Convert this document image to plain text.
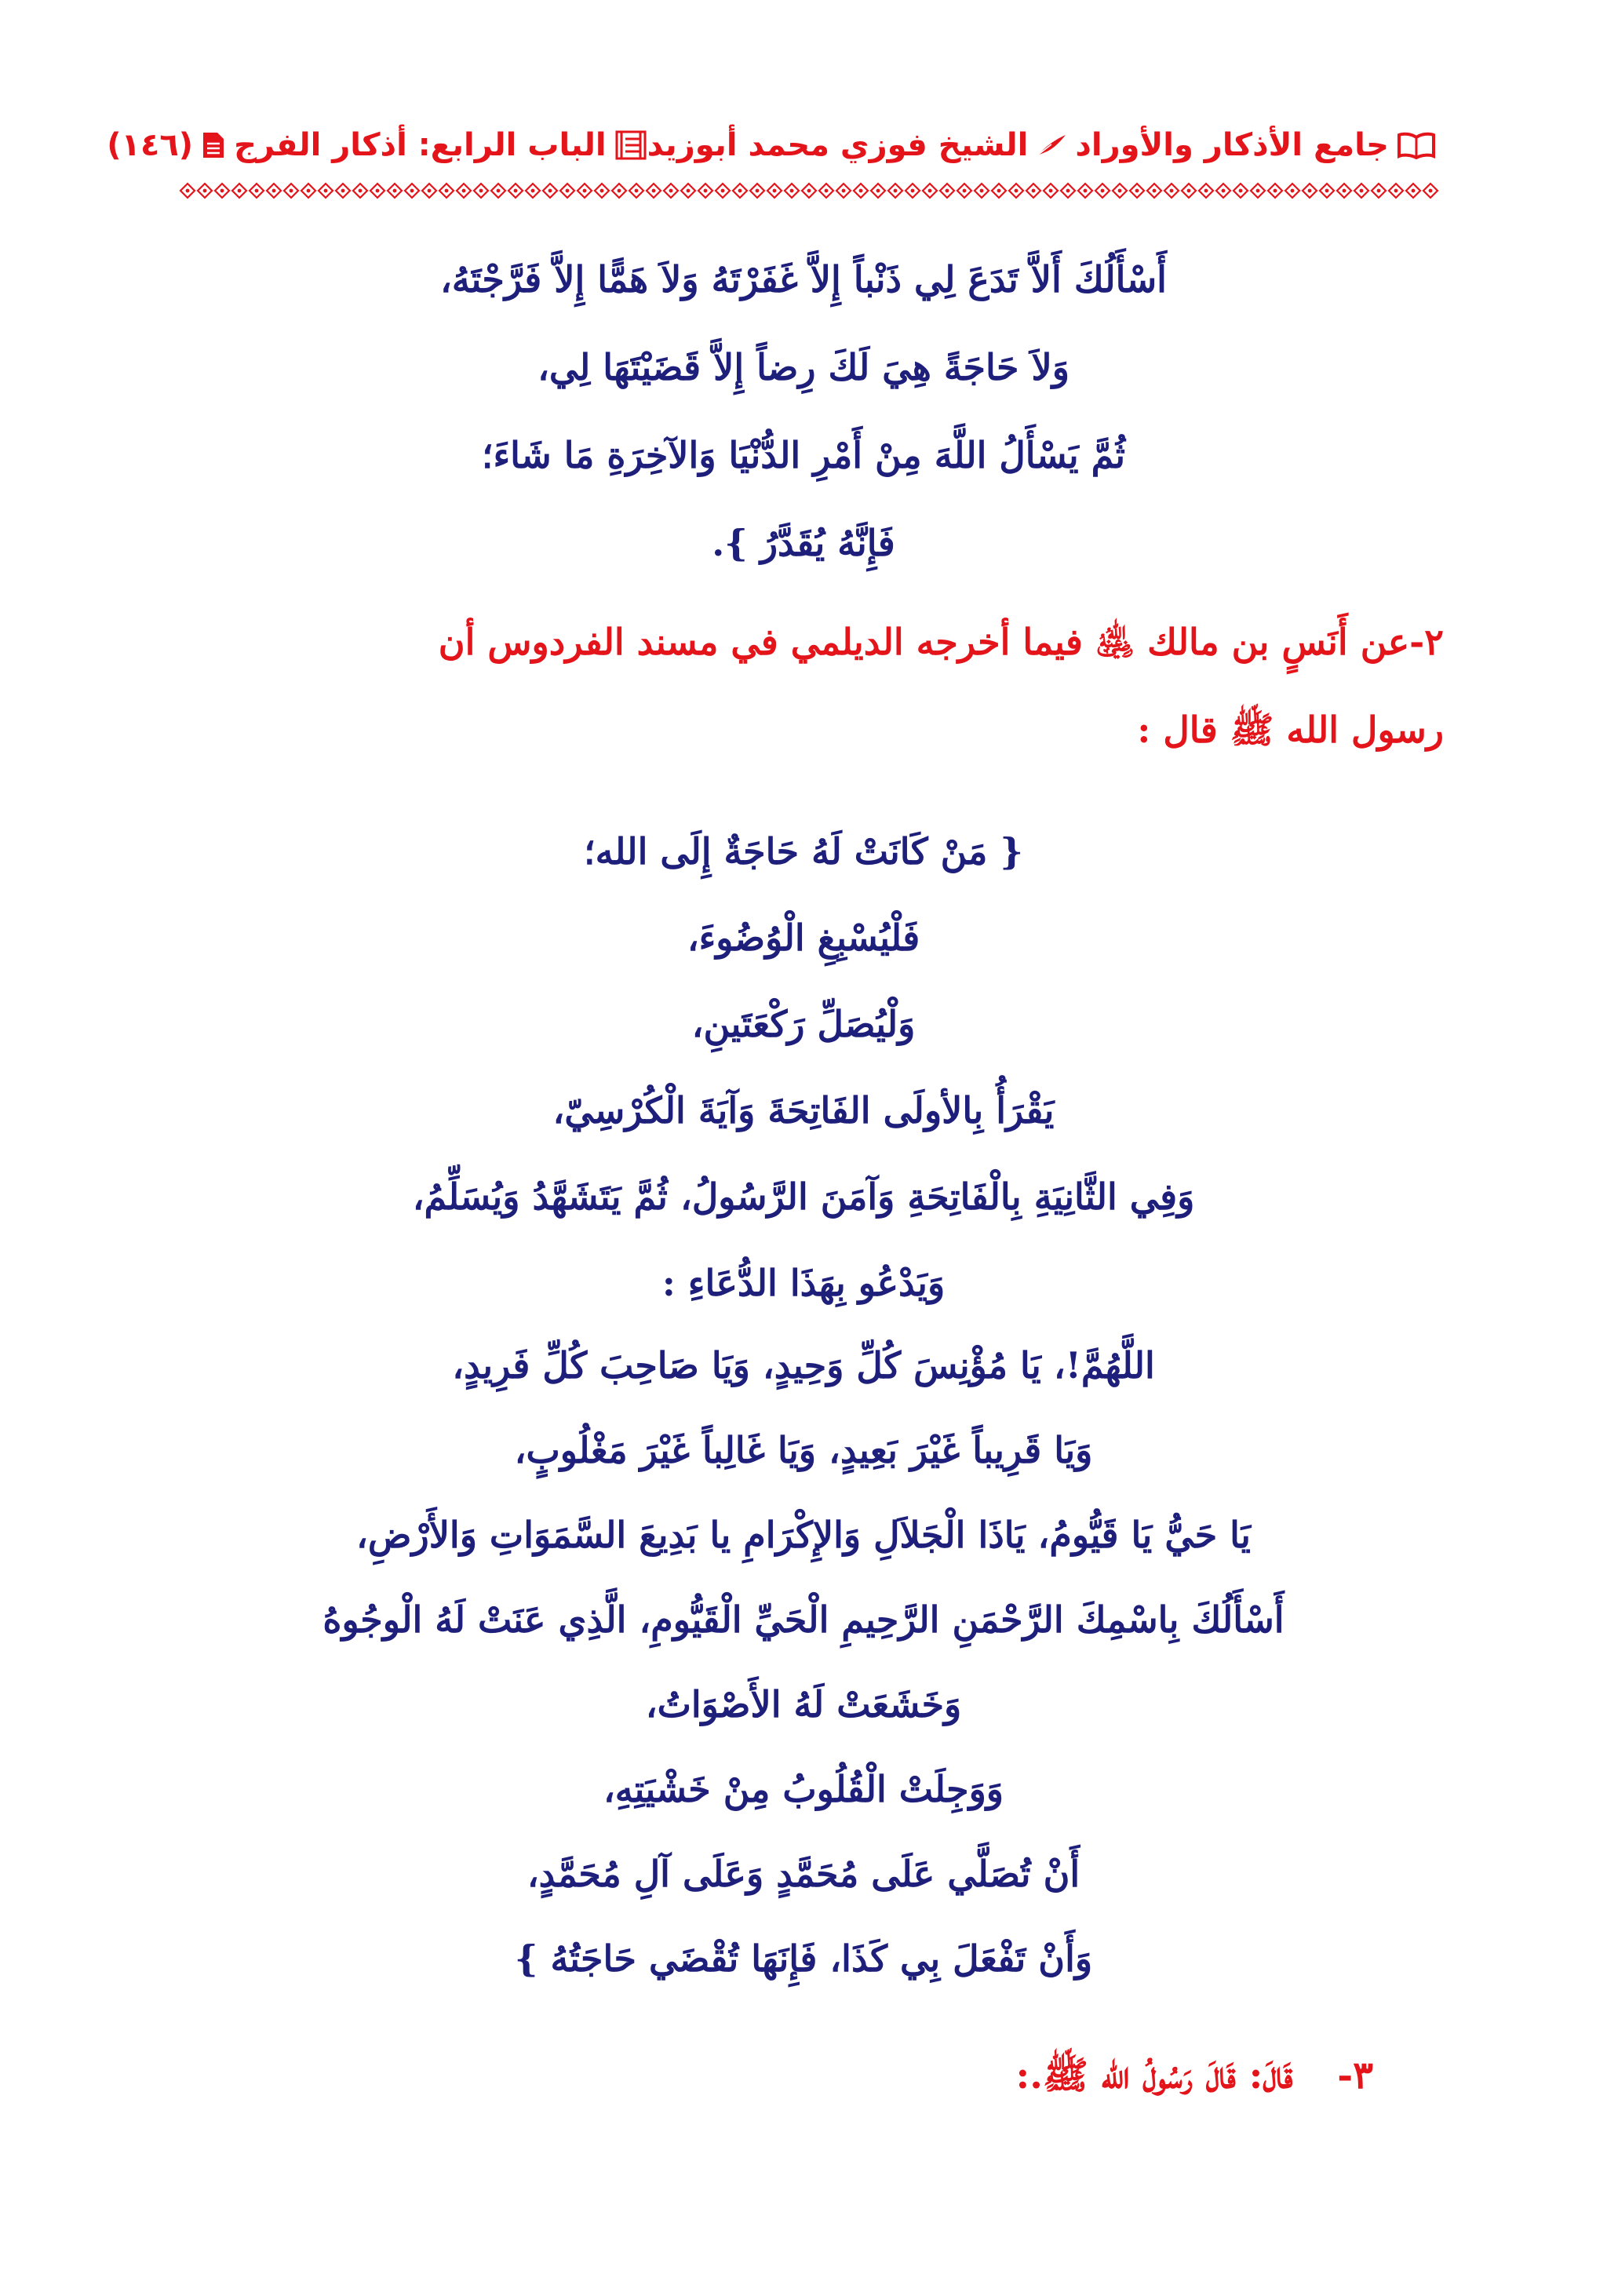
جامع الأذكار والأوراد
الشيخ فوزي محمد أبوزيد
الباب الرابع: أذكار الفرج
(١٤٦)
أَسْأَلُكَ أَلاَّ تَدَعَ لِي ذَنْباً إِلاَّ غَفَرْتَهُ وَلاَ هَمًّا إِلاَّ فَرَّجْتَهُ،
وَلاَ حَاجَةً هِيَ لَكَ رِضاً إِلاَّ قَضَيْتَهَا لِي،
ثُمَّ يَسْأَلُ اللَّهَ مِنْ أَمْرِ الدُّنْيَا وَالآخِرَةِ مَا شَاءَ؛
فَإِنَّهُ يُقَدَّرُ }.
٢-عن أَنَسٍ بن مالك ﵁ فيما أخرجه الديلمي في مسند الفردوس أن
رسول الله ﷺ قال :
{ مَنْ كَانَتْ لَهُ حَاجَةٌ إِلَى الله؛
فَلْيُسْبِغِ الْوُضُوءَ،
وَلْيُصَلِّ رَكْعَتَينِ،
يَقْرَأُ بِالأولَى الفَاتِحَةَ وَآيَةَ الْكُرْسِيّ،
وَفِي الثَّانِيَةِ بِالْفَاتِحَةِ وَآمَنَ الرَّسُولُ، ثُمَّ يَتَشَهَّدُ وَيُسَلِّمُ،
وَيَدْعُو بِهَذَا الدُّعَاءِ :
اللَّهُمَّ!، يَا مُؤْنِسَ كُلِّ وَحِيدٍ، وَيَا صَاحِبَ كُلِّ فَرِيدٍ،
وَيَا قَرِيباً غَيْرَ بَعِيدٍ، وَيَا غَالِباً غَيْرَ مَغْلُوبٍ،
يَا حَيُّ يَا قَيُّومُ، يَاذَا الْجَلاَلِ وَالإِكْرَامِ يا بَدِيعَ السَّمَوَاتِ وَالأَرْضِ،
أَسْأَلُكَ بِاسْمِكَ الرَّحْمَنِ الرَّحِيمِ الْحَيِّ الْقَيُّومِ، الَّذِي عَنَتْ لَهُ الْوجُوهُ
وَخَشَعَتْ لَهُ الأَصْوَاتُ،
وَوَجِلَتْ الْقُلُوبُ مِنْ خَشْيَتِهِ،
أَنْ تُصَلَّي عَلَى مُحَمَّدٍ وَعَلَى آلِ مُحَمَّدٍ،
وَأَنْ تَفْعَلَ بِي كَذَا، فَإِنَهَا تُقْضَي حَاجَتُهُ }
٣- قَالَ: قَالَ رَسُولُ الله ﷺ.:
